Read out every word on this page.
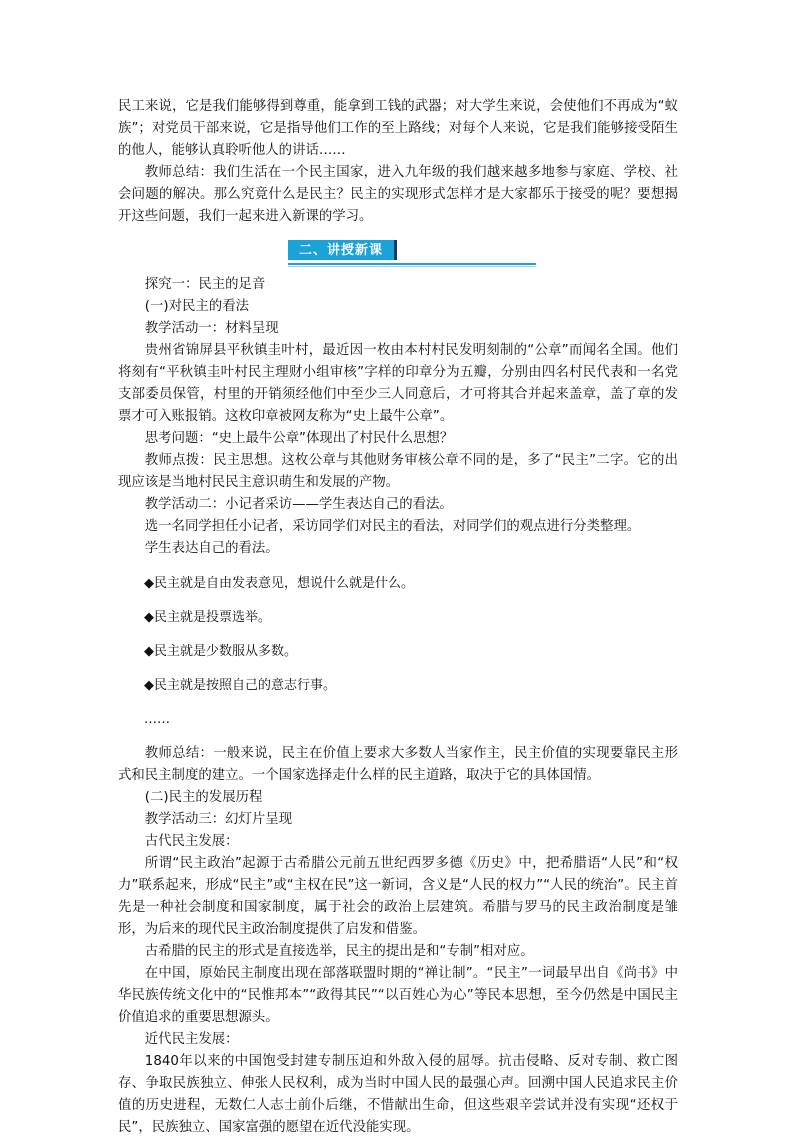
民工来说，它是我们能够得到尊重，能拿到工钱的武器；对大学生来说，会使他们不再成为“蚁族”；对党员干部来说，它是指导他们工作的至上路线；对每个人来说，它是我们能够接受陌生的他人，能够认真聆听他人的讲话……

教师总结：我们生活在一个民主国家，进入九年级的我们越来越多地参与家庭、学校、社会问题的解决。那么究竟什么是民主？民主的实现形式怎样才是大家都乐于接受的呢？要想揭开这些问题，我们一起来进入新课的学习。

二、讲授新课

探究一：民主的足音

(一)对民主的看法

教学活动一：材料呈现

贵州省锦屏县平秋镇圭叶村，最近因一枚由本村村民发明刻制的“公章”而闻名全国。他们将刻有“平秋镇圭叶村民主理财小组审核”字样的印章分为五瓣，分别由四名村民代表和一名党支部委员保管，村里的开销须经他们中至少三人同意后，才可将其合并起来盖章，盖了章的发票才可入账报销。这枚印章被网友称为“史上最牛公章”。

思考问题：“史上最牛公章”体现出了村民什么思想？

教师点拨：民主思想。这枚公章与其他财务审核公章不同的是，多了“民主”二字。它的出现应该是当地村民民主意识萌生和发展的产物。

教学活动二：小记者采访——学生表达自己的看法。

选一名同学担任小记者，采访同学们对民主的看法，对同学们的观点进行分类整理。

学生表达自己的看法。

◆民主就是自由发表意见，想说什么就是什么。

◆民主就是投票选举。

◆民主就是少数服从多数。

◆民主就是按照自己的意志行事。

……

教师总结：一般来说，民主在价值上要求大多数人当家作主，民主价值的实现要靠民主形式和民主制度的建立。一个国家选择走什么样的民主道路，取决于它的具体国情。

(二)民主的发展历程

教学活动三：幻灯片呈现

古代民主发展：

所谓“民主政治”起源于古希腊公元前五世纪西罗多德《历史》中，把希腊语“人民”和“权力”联系起来，形成“民主”或“主权在民”这一新词，含义是“人民的权力”“人民的统治”。民主首先是一种社会制度和国家制度，属于社会的政治上层建筑。希腊与罗马的民主政治制度是雏形，为后来的现代民主政治制度提供了启发和借鉴。

古希腊的民主的形式是直接选举，民主的提出是和“专制”相对应。

在中国，原始民主制度出现在部落联盟时期的“禅让制”。“民主”一词最早出自《尚书》中华民族传统文化中的“民惟邦本”“政得其民”“以百姓心为心”等民本思想，至今仍然是中国民主价值追求的重要思想源头。

近代民主发展：

1840年以来的中国饱受封建专制压迫和外敌入侵的屈辱。抗击侵略、反对专制、救亡图存、争取民族独立、伸张人民权利，成为当时中国人民的最强心声。回溯中国人民追求民主价值的历史进程，无数仁人志士前仆后继，不惜献出生命，但这些艰辛尝试并没有实现“还权于民”，民族独立、国家富强的愿望在近代没能实现。
